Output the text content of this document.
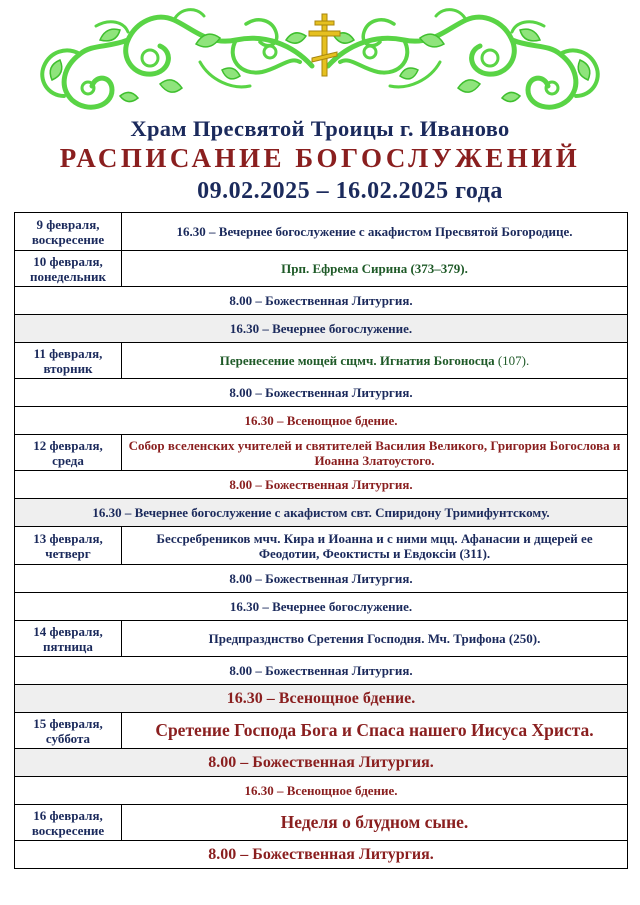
Храм Пресвятой Троицы г. Иваново
РАСПИСАНИЕ БОГОСЛУЖЕНИЙ
09.02.2025 – 16.02.2025 года
9 февраля, воскресение	16.30 – Вечернее богослужение с акафистом Пресвятой Богородице.
10 февраля, понедельник	Прп. Ефрема Сирина (373–379).
8.00 – Божественная Литургия.	
16.30 – Вечернее богослужение.	
11 февраля, вторник	Перенесение мощей сщмч. Игнатия Богоносца (107).
8.00 – Божественная Литургия.	
16.30 – Всенощное бдение.	
12 февраля, среда	Собор вселенских учителей и святителей Василия Великого, Григория Богослова и Иоанна Златоустого.
8.00 – Божественная Литургия.	
16.30 – Вечернее богослужение с акафистом свт. Спиридону Тримифунтскому.	
13 февраля, четверг	Бессребреников мчч. Кира и Иоанна и с ними мцц. Афанасии и дщерей ее Феодотии, Феоктисты и Евдоксіи (311).
8.00 – Божественная Литургия.	
16.30 – Вечернее богослужение.	
14 февраля, пятница	Предпразднство Сретения Господня. Мч. Трифона (250).
8.00 – Божественная Литургия.	
16.30 – Всенощное бдение.	
15 февраля, суббота	Сретение Господа Бога и Спаса нашего Иисуса Христа.
8.00 – Божественная Литургия.	
16.30 – Всенощное бдение.	
16 февраля, воскресение	Неделя о блудном сыне.
8.00 – Божественная Литургия.	
